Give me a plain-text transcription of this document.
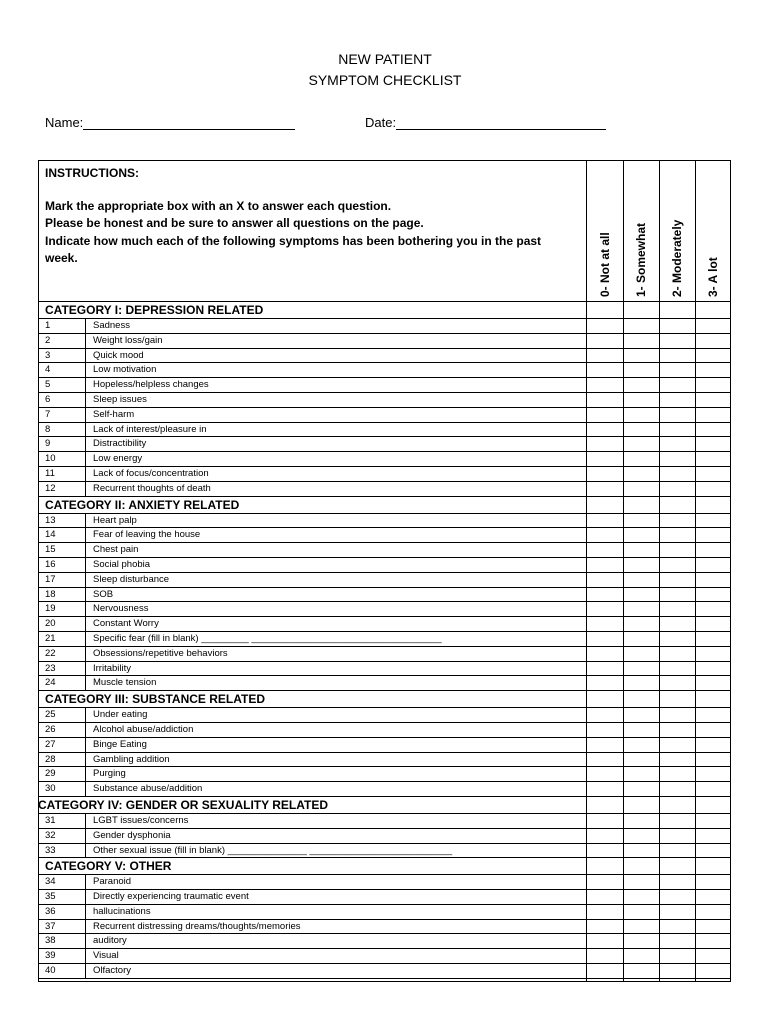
NEW PATIENT
SYMPTOM CHECKLIST
Name:	Date:
INSTRUCTIONS:
Mark the appropriate box with an X to answer each question.
Please be honest and be sure to answer all questions on the page.
Indicate how much each of the following symptoms has been bothering you in the past week.	0- Not at all 1- Somewhat 2- Moderately 3- A lot
CATEGORY I: DEPRESSION RELATED
1	Sadness
2	Weight loss/gain
3	Quick mood
4	Low motivation
5	Hopeless/helpless changes
6	Sleep issues
7	Self-harm
8	Lack of interest/pleasure in
9	Distractibility
10	Low energy
11	Lack of focus/concentration
12	Recurrent thoughts of death
CATEGORY II: ANXIETY RELATED
13	Heart palp
14	Fear of leaving the house
15	Chest pain
16	Social phobia
17	Sleep disturbance
18	SOB
19	Nervousness
20	Constant Worry
21	Specific fear (fill in blank) _________ ____________________________________
22	Obsessions/repetitive behaviors
23	Irritability
24	Muscle tension
CATEGORY III: SUBSTANCE RELATED
25	Under eating
26	Alcohol abuse/addiction
27	Binge Eating
28	Gambling addition
29	Purging
30	Substance abuse/addition
CATEGORY IV: GENDER OR SEXUALITY RELATED
31	LGBT issues/concerns
32	Gender dysphonia
33	Other sexual issue (fill in blank) _______________ ___________________________
CATEGORY V: OTHER
34	Paranoid
35	Directly experiencing traumatic event
36	hallucinations
37	Recurrent distressing dreams/thoughts/memories
38	auditory
39	Visual
40	Olfactory
